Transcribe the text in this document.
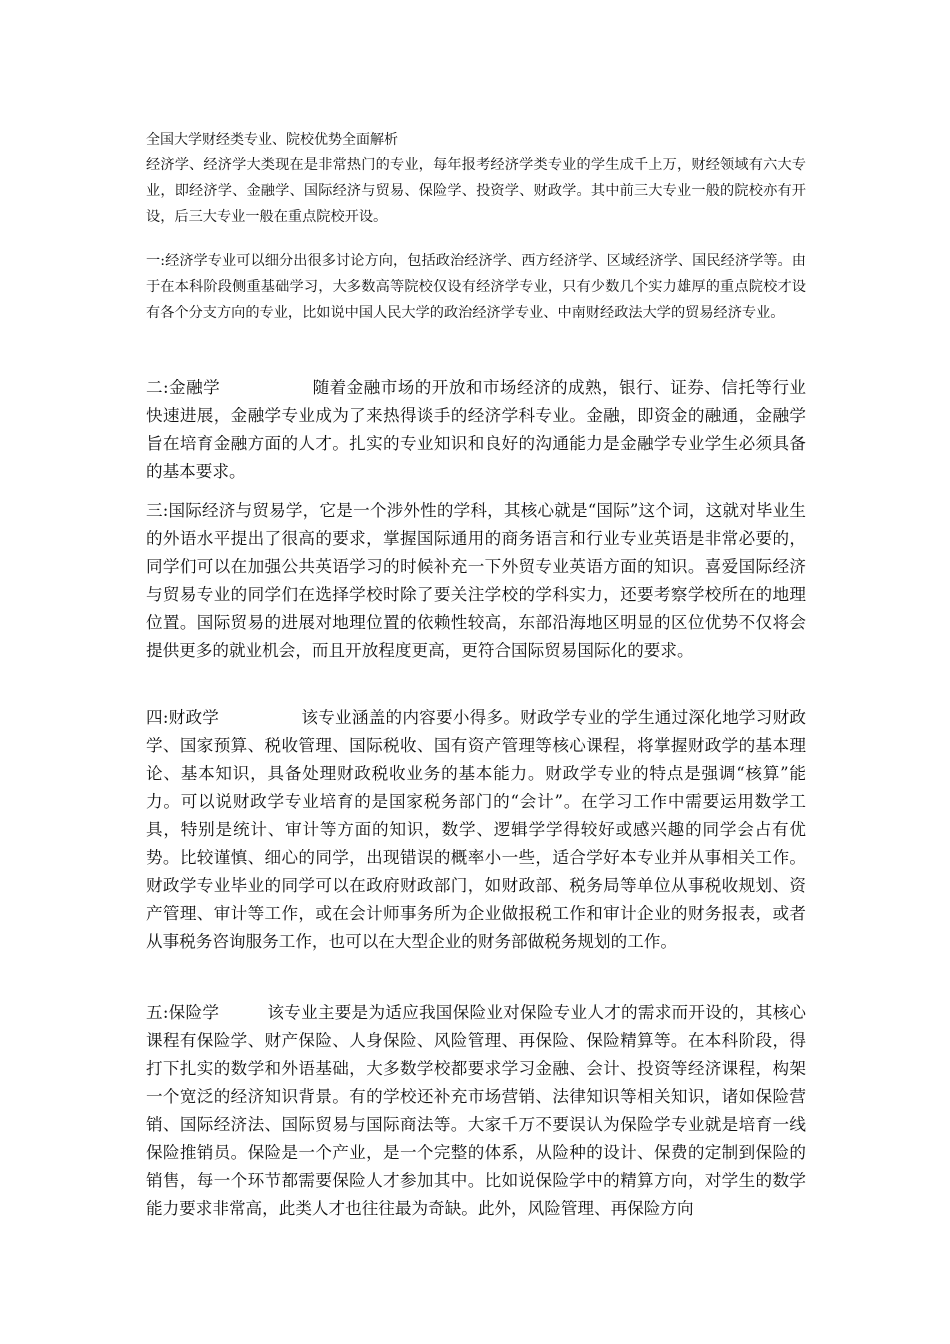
全国大学财经类专业、院校优势全面解析

经济学、经济学大类现在是非常热门的专业，每年报考经济学类专业的学生成千上万，财经领域有六大专业，即经济学、金融学、国际经济与贸易、保险学、投资学、财政学。其中前三大专业一般的院校亦有开设，后三大专业一般在重点院校开设。

一:经济学专业可以细分出很多讨论方向，包括政治经济学、西方经济学、区域经济学、国民经济学等。由于在本科阶段侧重基础学习，大多数高等院校仅设有经济学专业，只有少数几个实力雄厚的重点院校才设有各个分支方向的专业，比如说中国人民大学的政治经济学专业、中南财经政法大学的贸易经济专业。

二:金融学	随着金融市场的开放和市场经济的成熟，银行、证券、信托等行业快速进展，金融学专业成为了来热得谈手的经济学科专业。金融，即资金的融通，金融学旨在培育金融方面的人才。扎实的专业知识和良好的沟通能力是金融学专业学生必须具备的基本要求。

三:国际经济与贸易学，它是一个涉外性的学科，其核心就是“国际”这个词，这就对毕业生的外语水平提出了很高的要求，掌握国际通用的商务语言和行业专业英语是非常必要的，同学们可以在加强公共英语学习的时候补充一下外贸专业英语方面的知识。喜爱国际经济与贸易专业的同学们在选择学校时除了要关注学校的学科实力，还要考察学校所在的地理位置。国际贸易的进展对地理位置的依赖性较高，东部沿海地区明显的区位优势不仅将会提供更多的就业机会，而且开放程度更高，更符合国际贸易国际化的要求。

四:财政学	该专业涵盖的内容要小得多。财政学专业的学生通过深化地学习财政学、国家预算、税收管理、国际税收、国有资产管理等核心课程，将掌握财政学的基本理论、基本知识，具备处理财政税收业务的基本能力。财政学专业的特点是强调“核算”能力。可以说财政学专业培育的是国家税务部门的“会计”。在学习工作中需要运用数学工具，特别是统计、审计等方面的知识，数学、逻辑学学得较好或感兴趣的同学会占有优势。比较谨慎、细心的同学，出现错误的概率小一些，适合学好本专业并从事相关工作。财政学专业毕业的同学可以在政府财政部门，如财政部、税务局等单位从事税收规划、资产管理、审计等工作，或在会计师事务所为企业做报税工作和审计企业的财务报表，或者从事税务咨询服务工作，也可以在大型企业的财务部做税务规划的工作。

五:保险学	该专业主要是为适应我国保险业对保险专业人才的需求而开设的，其核心课程有保险学、财产保险、人身保险、风险管理、再保险、保险精算等。在本科阶段，得打下扎实的数学和外语基础，大多数学校都要求学习金融、会计、投资等经济课程，构架一个宽泛的经济知识背景。有的学校还补充市场营销、法律知识等相关知识，诸如保险营销、国际经济法、国际贸易与国际商法等。大家千万不要误认为保险学专业就是培育一线保险推销员。保险是一个产业，是一个完整的体系，从险种的设计、保费的定制到保险的销售，每一个环节都需要保险人才参加其中。比如说保险学中的精算方向，对学生的数学能力要求非常高，此类人才也往往最为奇缺。此外，风险管理、再保险方向
